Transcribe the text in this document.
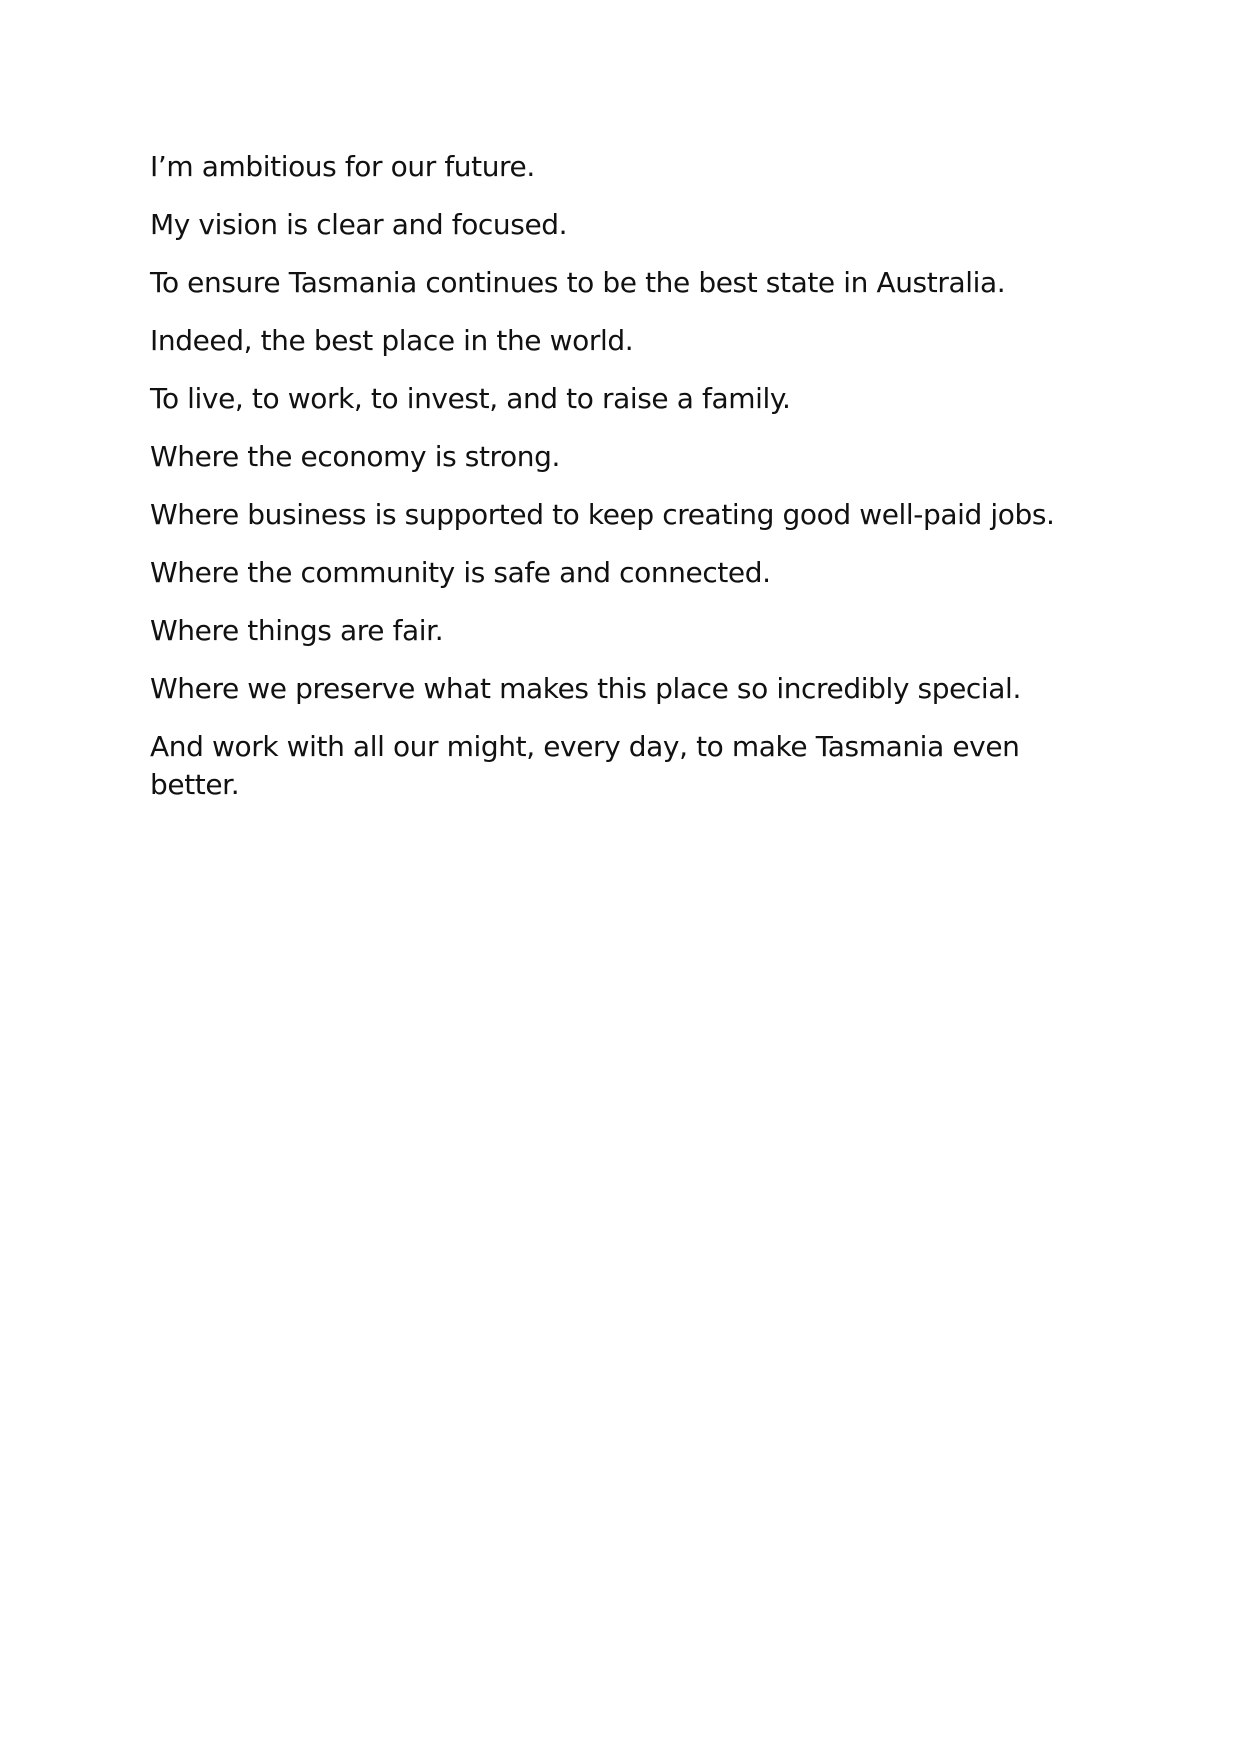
I’m ambitious for our future.

My vision is clear and focused.

To ensure Tasmania continues to be the best state in Australia.

Indeed, the best place in the world.

To live, to work, to invest, and to raise a family.

Where the economy is strong.

Where business is supported to keep creating good well-paid jobs.

Where the community is safe and connected.

Where things are fair.

Where we preserve what makes this place so incredibly special.

And work with all our might, every day, to make Tasmania even better.
